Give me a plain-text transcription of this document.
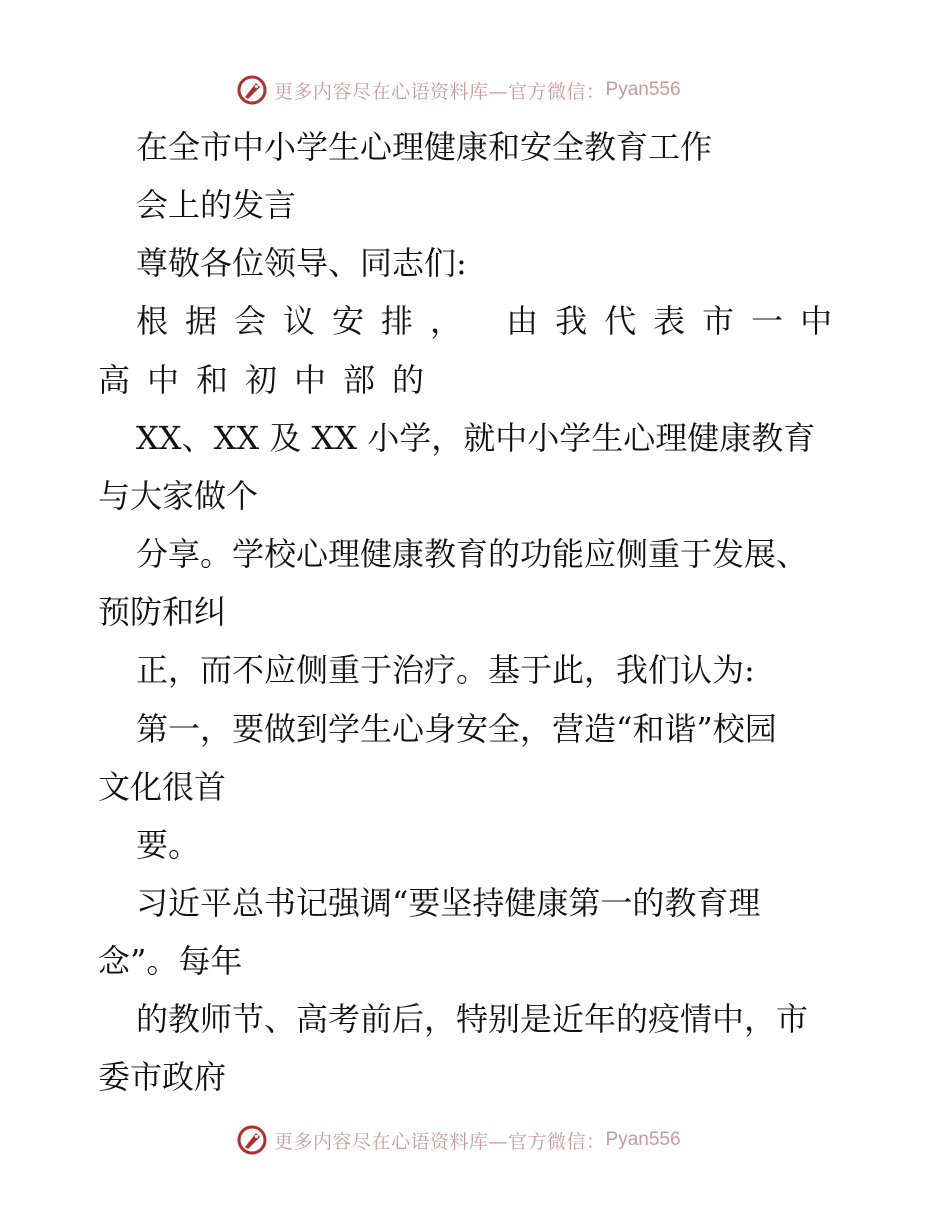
更多内容尽在心语资料库—官方微信： Pyan556
在全市中小学生心理健康和安全教育工作
会上的发言
尊敬各位领导、同志们:
根据会议安排， 由我代表市一中
高中和初中部的
XX、XX 及 XX 小学，就中小学生心理健康教育
与大家做个
分享。学校心理健康教育的功能应侧重于发展、
预防和纠
正，而不应侧重于治疗。基于此，我们认为:
第一，要做到学生心身安全，营造“和谐”校园
文化很首
要。
习近平总书记强调“要坚持健康第一的教育理
念”。每年
的教师节、高考前后，特别是近年的疫情中，市
委市政府
更多内容尽在心语资料库—官方微信： Pyan556
